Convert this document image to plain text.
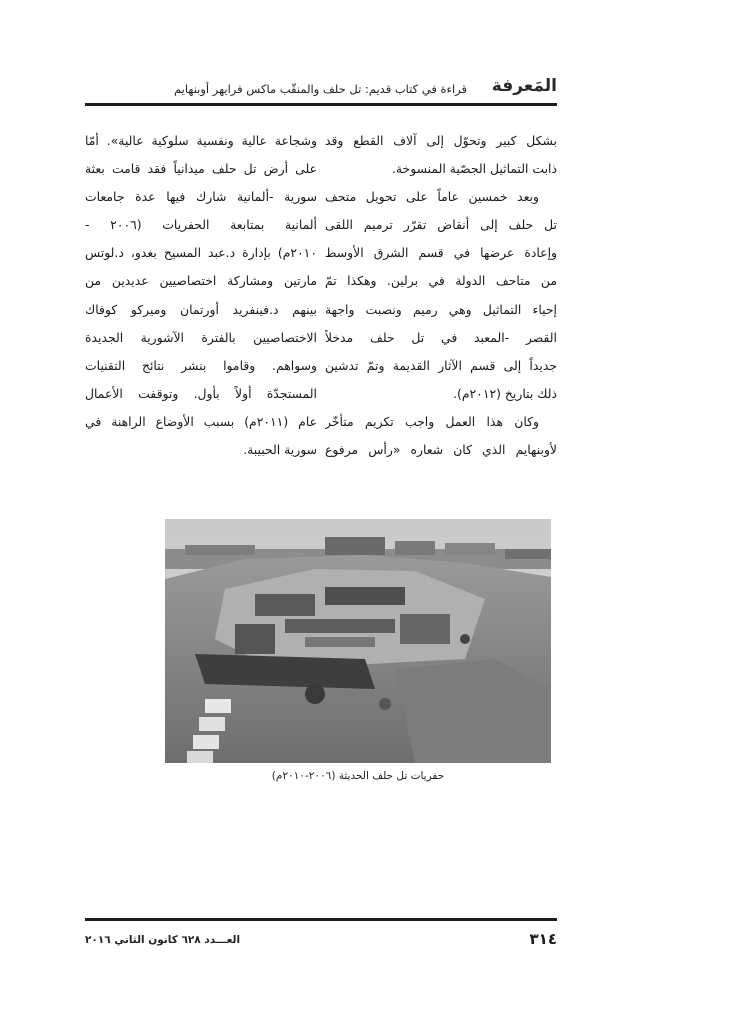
المَعرفة
قراءة في كتاب قديم: تل حلف والمنقّب ماكس فرايهر أوبنهايم
بشكل كبير وتحوّل إلى آلاف القطع وقد
ذابت التماثيل الجصّية المنسوخة.
وبعد خمسين عاماً على تحويل متحف
تل حلف إلى أنقاض تقرّر ترميم اللقى
وإعادة عرضها في قسم الشرق الأوسط
من متاحف الدولة في برلين. وهكذا تمّ
إحياء التماثيل وهي رميم ونصبت واجهة
القصر -المعبد في تل حلف مدخلاً
جديداً إلى قسم الآثار القديمة وتمّ تدشين
ذلك بتاريخ (٢٠١٢م).
وكان هذا العمل واجب تكريم متأخّر
لأوبنهايم الذي كان شعاره «رأس مرفوع
وشجاعة عالية ونفسية سلوكية عالية». أمّا
على أرض تل حلف ميدانياً فقد قامت بعثة
سورية -ألمانية شارك فيها عدة جامعات
ألمانية بمتابعة الحفريات (٢٠٠٦ -
٢٠١٠م) بإدارة د.عبد المسيح بغدو، د.لوتس
مارتين ومشاركة اختصاصيين عديدين من
بينهم د.فينفريد أورتمان وميركو كوفاك
الاختصاصيين بالفترة الآشورية الجديدة
وسواهم. وقاموا بنشر نتائج التقنيات
المستجدّة أولاً بأول. وتوقفت الأعمال
عام (٢٠١١م) بسبب الأوضاع الراهنة في
سورية الحبيبة.
حفريات تل حلف الحديثة (٢٠٠٦-٢٠١٠م)
٣١٤
العـــدد ٦٢٨ كانون الثاني ٢٠١٦
